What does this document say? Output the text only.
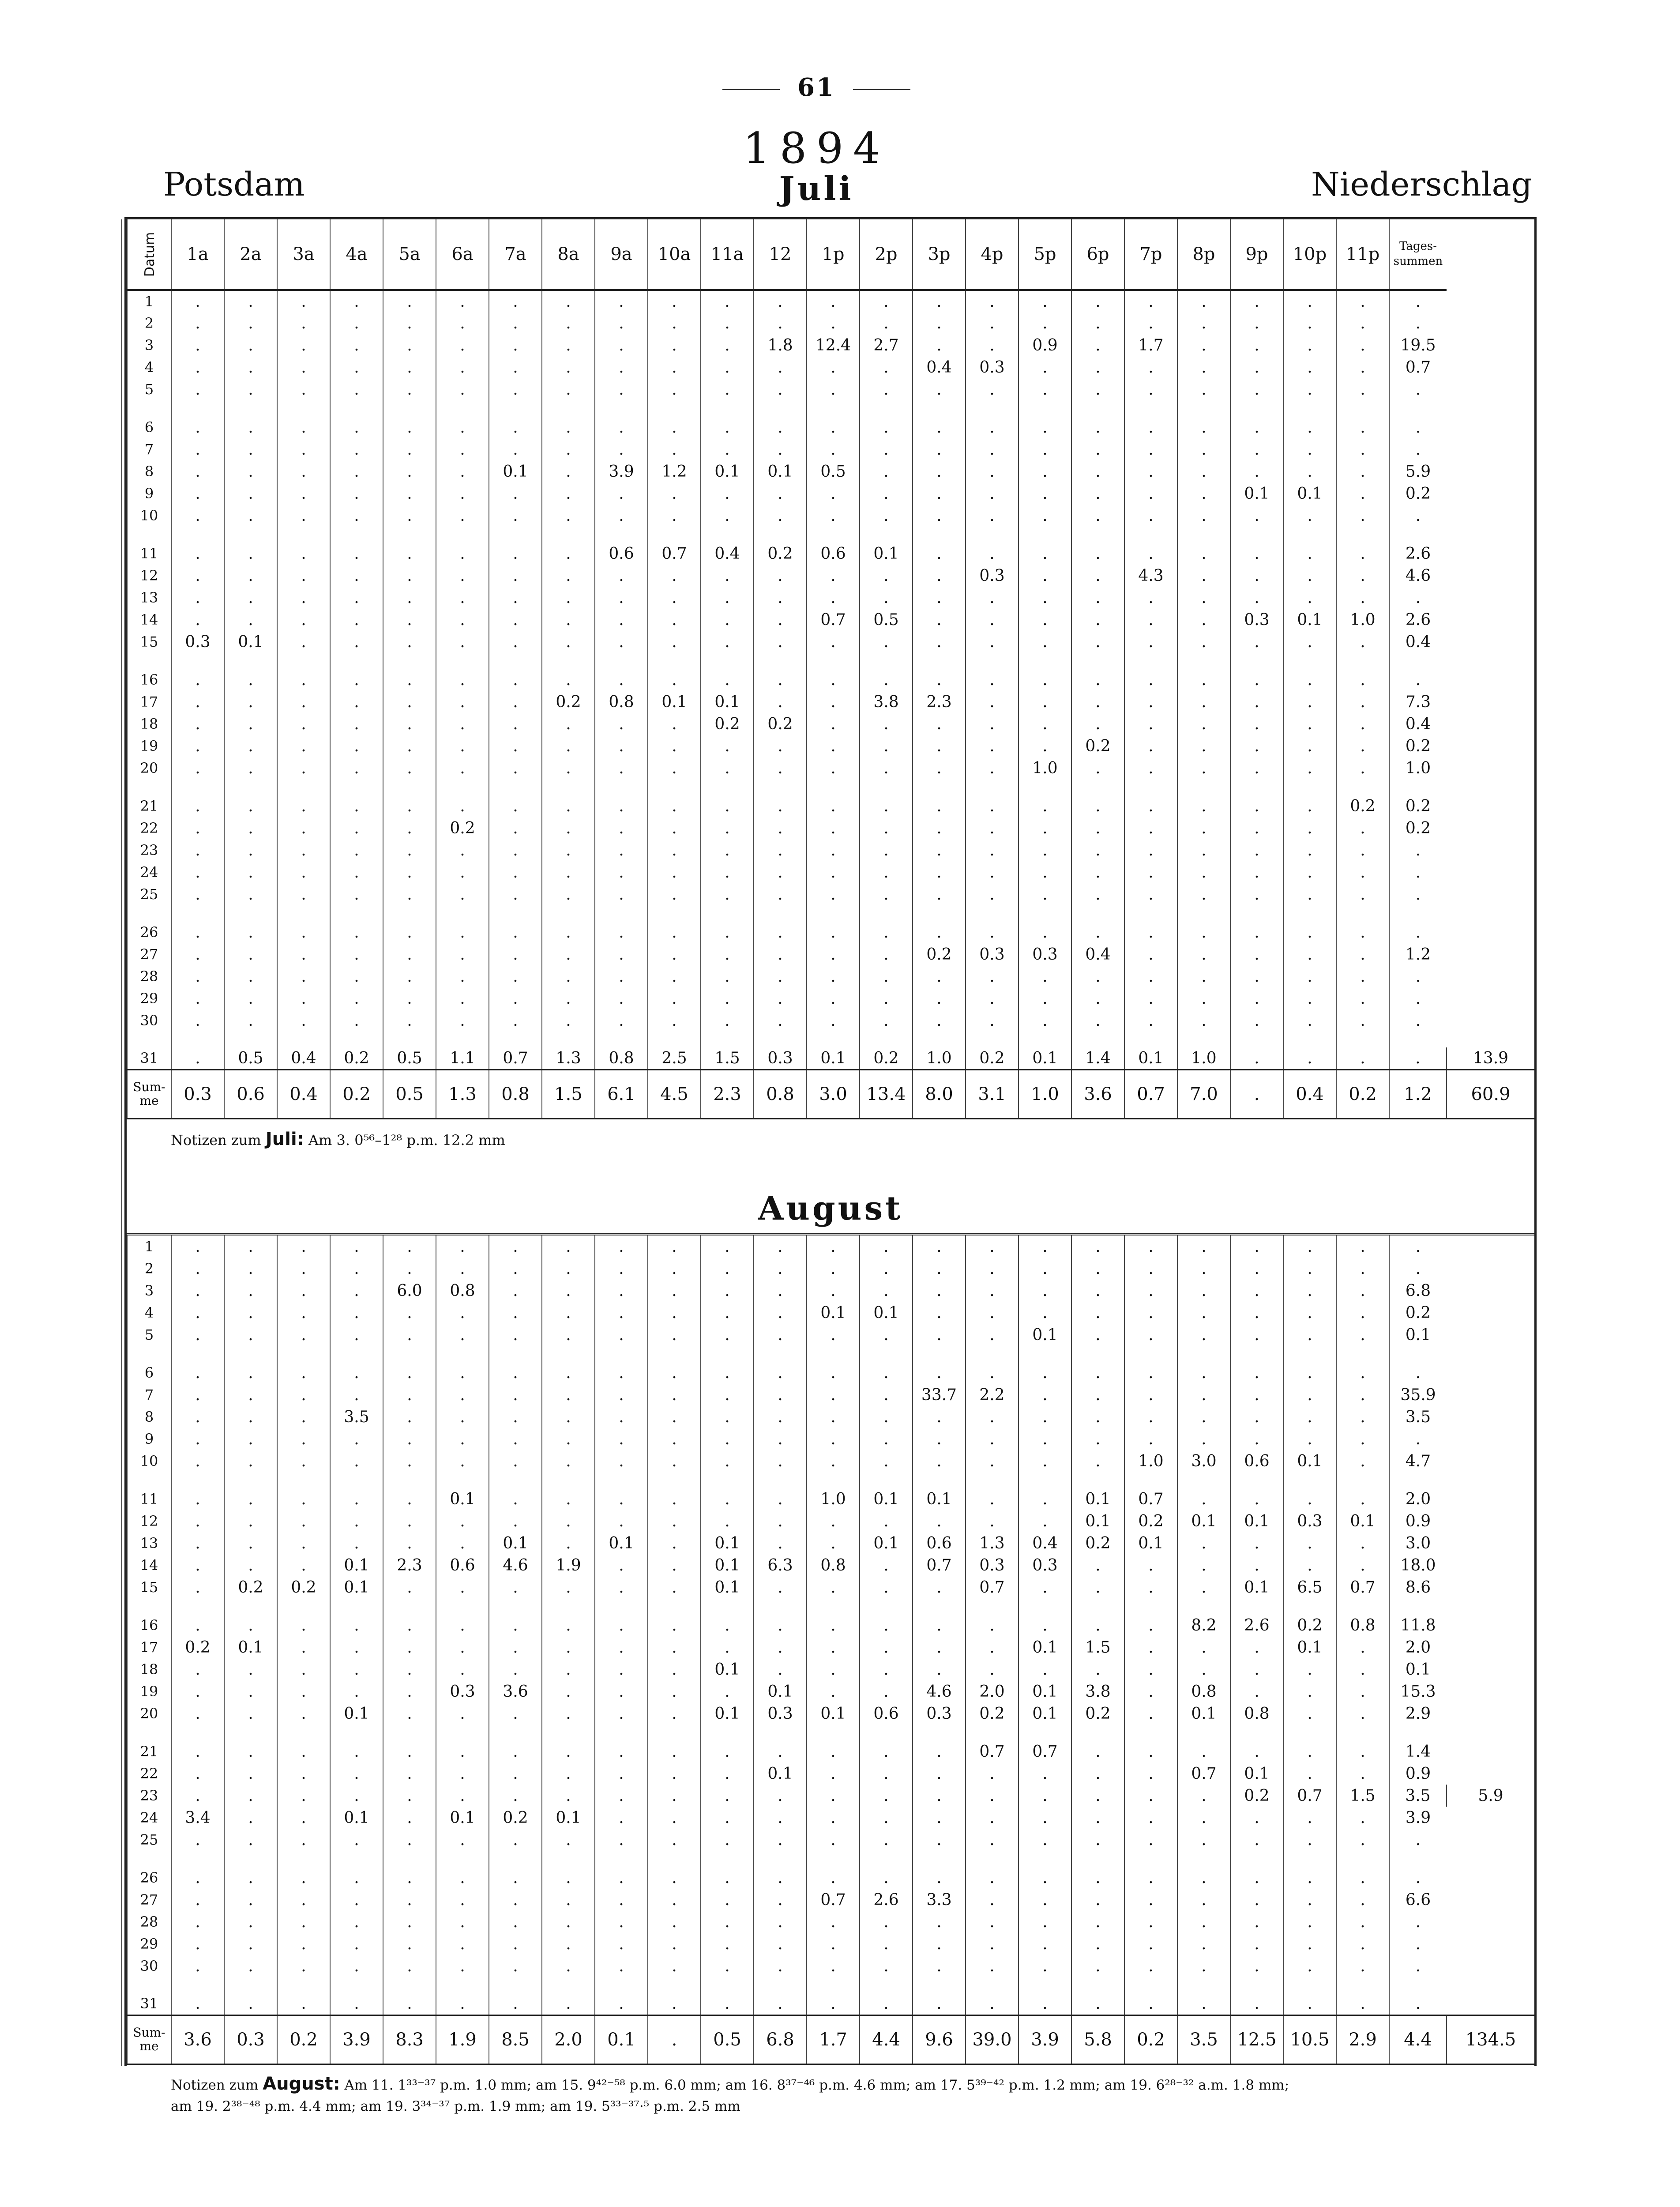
61
1894
Potsdam	Juli	Niederschlag
Datum	1a	2a	3a	4a	5a	6a	7a	8a	9a	10a	11a	12	1p	2p	3p	4p	5p	6p	7p	8p	9p	10p	11p	Tages-summen	
1	.	.	.	.	.	.	.	.	.	.	.	.	.	.	.	.	.	.	.	.	.	.	.	.	
2	.	.	.	.	.	.	.	.	.	.	.	.	.	.	.	.	.	.	.	.	.	.	.	.	
3	.	.	.	.	.	.	.	.	.	.	.	1.8	12.4	2.7	.	.	0.9	.	1.7	.	.	.	.	19.5	
4	.	.	.	.	.	.	.	.	.	.	.	.	.	.	0.4	0.3	.	.	.	.	.	.	.	0.7	
5	.	.	.	.	.	.	.	.	.	.	.	.	.	.	.	.	.	.	.	.	.	.	.	.	

6	.	.	.	.	.	.	.	.	.	.	.	.	.	.	.	.	.	.	.	.	.	.	.	.	
7	.	.	.	.	.	.	.	.	.	.	.	.	.	.	.	.	.	.	.	.	.	.	.	.	
8	.	.	.	.	.	.	0.1	.	3.9	1.2	0.1	0.1	0.5	.	.	.	.	.	.	.	.	.	.	5.9	
9	.	.	.	.	.	.	.	.	.	.	.	.	.	.	.	.	.	.	.	.	0.1	0.1	.	0.2	
10	.	.	.	.	.	.	.	.	.	.	.	.	.	.	.	.	.	.	.	.	.	.	.	.	

11	.	.	.	.	.	.	.	.	0.6	0.7	0.4	0.2	0.6	0.1	.	.	.	.	.	.	.	.	.	2.6	
12	.	.	.	.	.	.	.	.	.	.	.	.	.	.	.	0.3	.	.	4.3	.	.	.	.	4.6	
13	.	.	.	.	.	.	.	.	.	.	.	.	.	.	.	.	.	.	.	.	.	.	.	.	
14	.	.	.	.	.	.	.	.	.	.	.	.	0.7	0.5	.	.	.	.	.	.	0.3	0.1	1.0	2.6	
15	0.3	0.1	.	.	.	.	.	.	.	.	.	.	.	.	.	.	.	.	.	.	.	.	.	0.4	

16	.	.	.	.	.	.	.	.	.	.	.	.	.	.	.	.	.	.	.	.	.	.	.	.	
17	.	.	.	.	.	.	.	0.2	0.8	0.1	0.1	.	.	3.8	2.3	.	.	.	.	.	.	.	.	7.3	
18	.	.	.	.	.	.	.	.	.	.	0.2	0.2	.	.	.	.	.	.	.	.	.	.	.	0.4	
19	.	.	.	.	.	.	.	.	.	.	.	.	.	.	.	.	.	0.2	.	.	.	.	.	0.2	
20	.	.	.	.	.	.	.	.	.	.	.	.	.	.	.	.	1.0	.	.	.	.	.	.	1.0	

21	.	.	.	.	.	.	.	.	.	.	.	.	.	.	.	.	.	.	.	.	.	.	0.2	0.2	
22	.	.	.	.	.	0.2	.	.	.	.	.	.	.	.	.	.	.	.	.	.	.	.	.	0.2	
23	.	.	.	.	.	.	.	.	.	.	.	.	.	.	.	.	.	.	.	.	.	.	.	.	
24	.	.	.	.	.	.	.	.	.	.	.	.	.	.	.	.	.	.	.	.	.	.	.	.	
25	.	.	.	.	.	.	.	.	.	.	.	.	.	.	.	.	.	.	.	.	.	.	.	.	

26	.	.	.	.	.	.	.	.	.	.	.	.	.	.	.	.	.	.	.	.	.	.	.	.	
27	.	.	.	.	.	.	.	.	.	.	.	.	.	.	0.2	0.3	0.3	0.4	.	.	.	.	.	1.2	
28	.	.	.	.	.	.	.	.	.	.	.	.	.	.	.	.	.	.	.	.	.	.	.	.	
29	.	.	.	.	.	.	.	.	.	.	.	.	.	.	.	.	.	.	.	.	.	.	.	.	
30	.	.	.	.	.	.	.	.	.	.	.	.	.	.	.	.	.	.	.	.	.	.	.	.	

31	.	0.5	0.4	0.2	0.5	1.1	0.7	1.3	0.8	2.5	1.5	0.3	0.1	0.2	1.0	0.2	0.1	1.4	0.1	1.0	.	.	.	.	13.9
Sum-me	0.3	0.6	0.4	0.2	0.5	1.3	0.8	1.5	6.1	4.5	2.3	0.8	3.0	13.4	8.0	3.1	1.0	3.6	0.7	7.0	.	0.4	0.2	1.2	60.9
Notizen zum Juli: Am 3. 0⁵⁶–1²⁸ p.m. 12.2 mm
August
1	.	.	.	.	.	.	.	.	.	.	.	.	.	.	.	.	.	.	.	.	.	.	.	.	
2	.	.	.	.	.	.	.	.	.	.	.	.	.	.	.	.	.	.	.	.	.	.	.	.	
3	.	.	.	.	6.0	0.8	.	.	.	.	.	.	.	.	.	.	.	.	.	.	.	.	.	6.8	
4	.	.	.	.	.	.	.	.	.	.	.	.	0.1	0.1	.	.	.	.	.	.	.	.	.	0.2	
5	.	.	.	.	.	.	.	.	.	.	.	.	.	.	.	.	0.1	.	.	.	.	.	.	0.1	

6	.	.	.	.	.	.	.	.	.	.	.	.	.	.	.	.	.	.	.	.	.	.	.	.	
7	.	.	.	.	.	.	.	.	.	.	.	.	.	.	33.7	2.2	.	.	.	.	.	.	.	35.9	
8	.	.	.	3.5	.	.	.	.	.	.	.	.	.	.	.	.	.	.	.	.	.	.	.	3.5	
9	.	.	.	.	.	.	.	.	.	.	.	.	.	.	.	.	.	.	.	.	.	.	.	.	
10	.	.	.	.	.	.	.	.	.	.	.	.	.	.	.	.	.	.	1.0	3.0	0.6	0.1	.	4.7	

11	.	.	.	.	.	0.1	.	.	.	.	.	.	1.0	0.1	0.1	.	.	0.1	0.7	.	.	.	.	2.0	
12	.	.	.	.	.	.	.	.	.	.	.	.	.	.	.	.	.	0.1	0.2	0.1	0.1	0.3	0.1	0.9	
13	.	.	.	.	.	.	0.1	.	0.1	.	0.1	.	.	0.1	0.6	1.3	0.4	0.2	0.1	.	.	.	.	3.0	
14	.	.	.	0.1	2.3	0.6	4.6	1.9	.	.	0.1	6.3	0.8	.	0.7	0.3	0.3	.	.	.	.	.	.	18.0	
15	.	0.2	0.2	0.1	.	.	.	.	.	.	0.1	.	.	.	.	0.7	.	.	.	.	0.1	6.5	0.7	8.6	

16	.	.	.	.	.	.	.	.	.	.	.	.	.	.	.	.	.	.	.	8.2	2.6	0.2	0.8	11.8	
17	0.2	0.1	.	.	.	.	.	.	.	.	.	.	.	.	.	.	0.1	1.5	.	.	.	0.1	.	2.0	
18	.	.	.	.	.	.	.	.	.	.	0.1	.	.	.	.	.	.	.	.	.	.	.	.	0.1	
19	.	.	.	.	.	0.3	3.6	.	.	.	.	0.1	.	.	4.6	2.0	0.1	3.8	.	0.8	.	.	.	15.3	
20	.	.	.	0.1	.	.	.	.	.	.	0.1	0.3	0.1	0.6	0.3	0.2	0.1	0.2	.	0.1	0.8	.	.	2.9	

21	.	.	.	.	.	.	.	.	.	.	.	.	.	.	.	0.7	0.7	.	.	.	.	.	.	1.4	
22	.	.	.	.	.	.	.	.	.	.	.	0.1	.	.	.	.	.	.	.	0.7	0.1	.	.	0.9	
23	.	.	.	.	.	.	.	.	.	.	.	.	.	.	.	.	.	.	.	.	0.2	0.7	1.5	3.5	5.9
24	3.4	.	.	0.1	.	0.1	0.2	0.1	.	.	.	.	.	.	.	.	.	.	.	.	.	.	.	3.9	
25	.	.	.	.	.	.	.	.	.	.	.	.	.	.	.	.	.	.	.	.	.	.	.	.	

26	.	.	.	.	.	.	.	.	.	.	.	.	.	.	.	.	.	.	.	.	.	.	.	.	
27	.	.	.	.	.	.	.	.	.	.	.	.	0.7	2.6	3.3	.	.	.	.	.	.	.	.	6.6	
28	.	.	.	.	.	.	.	.	.	.	.	.	.	.	.	.	.	.	.	.	.	.	.	.	
29	.	.	.	.	.	.	.	.	.	.	.	.	.	.	.	.	.	.	.	.	.	.	.	.	
30	.	.	.	.	.	.	.	.	.	.	.	.	.	.	.	.	.	.	.	.	.	.	.	.	

31	.	.	.	.	.	.	.	.	.	.	.	.	.	.	.	.	.	.	.	.	.	.	.	.	
Sum-me	3.6	0.3	0.2	3.9	8.3	1.9	8.5	2.0	0.1	.	0.5	6.8	1.7	4.4	9.6	39.0	3.9	5.8	0.2	3.5	12.5	10.5	2.9	4.4	134.5
Notizen zum August: Am 11. 1³³⁻³⁷ p.m. 1.0 mm; am 15. 9⁴²⁻⁵⁸ p.m. 6.0 mm; am 16. 8³⁷⁻⁴⁶ p.m. 4.6 mm; am 17. 5³⁹⁻⁴² p.m. 1.2 mm; am 19. 6²⁸⁻³² a.m. 1.8 mm;
am 19. 2³⁸⁻⁴⁸ p.m. 4.4 mm; am 19. 3³⁴⁻³⁷ p.m. 1.9 mm; am 19. 5³³⁻³⁷·⁵ p.m. 2.5 mm
